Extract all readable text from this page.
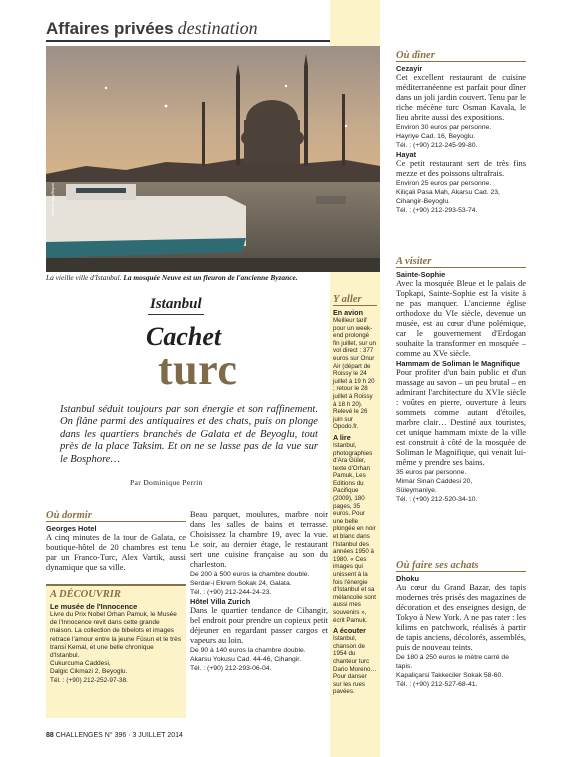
Affaires privées destination
Bastien Bey/Bopro
La vieille ville d'Istanbul. La mosquée Neuve est un fleuron de l'ancienne Byzance.
Istanbul
Cachet
turc
Istanbul séduit toujours par son énergie et son raffinement. On flâne parmi des antiquaires et des chats, puis on plonge dans les quartiers branchés de Galata et de Beyoglu, tout près de la place Taksim. Et on ne se lasse pas de la vue sur le Bosphore…
Par Dominique Perrin
Où dormir
Georges Hotel
A cinq minutes de la tour de Galata, ce boutique-hôtel de 20 chambres est tenu par un Franco-Turc, Alex Vartik, aussi dynamique que sa ville.
A DÉCOUVRIR
Le musée de l'Innocence
Livre du Prix Nobel Orhan Pamuk, le Musée de l'Innocence revit dans cette grande maison. La collection de bibelots et images retrace l'amour entre la jeune Füsun et le très transi Kemal, et une belle chronique d'Istanbul.
Cukurcuma Caddesi,
Dalgic Cikmazi 2, Beyoglu.
Tél. : (+90) 212-252-97-38.
Beau parquet, moulures, marbre noir dans les salles de bains et terrasse. Choisissez la chambre 19, avec la vue. Le soir, au dernier étage, le restaurant sert une cuisine française au son du charleston.
De 200 à 500 euros la chambre double.
Serdar-i Ekrem Sokak 24, Galata.
Tél. : (+90) 212-244-24-23.
Hôtel Villa Zurich
Dans le quartier tendance de Cihangir, bel endroit pour prendre un copieux petit déjeuner en regardant passer cargos et vapeurs au loin.
De 90 à 140 euros la chambre double.
Akarsu Yokusu Cad. 44-46, Cihangir.
Tél. : (+90) 212-293-06-04.
Y aller
En avion
Meilleur tarif pour un week-end prolongé fin juillet, sur un vol direct : 377 euros sur Onur Air (départ de Roissy le 24 juillet à 19 h 20 ; retour le 28 juillet à Roissy à 18 h 20). Relevé le 26 juin sur Opodo.fr.
A lire
Istanbul, photographies d'Ara Güler, texte d'Orhan Pamuk, Les Editions du Pacifique (2009), 180 pages, 35 euros. Pour une belle plongée en noir et blanc dans l'Istanbul des années 1950 à 1980. « Ces images qui unissent à la fois l'énergie d'Istanbul et sa mélancolie sont aussi mes souvenirs », écrit Pamuk.
A écouter
Istanbul, chanson de 1954 du chanteur turc Dario Moreno… Pour danser sur les rues pavées.
Où dîner
Cezayir
Cet excellent restaurant de cuisine méditerranéenne est parfait pour dîner dans un joli jardin couvert. Tenu par le riche mécène turc Osman Kavala, le lieu abrite aussi des expositions.
Environ 30 euros par personne.
Hayriye Cad. 16, Beyoglu.
Tél. : (+90) 212-245-99-80.
Hayat
Ce petit restaurant sert de très fins mezze et des poissons ultrafrais.
Environ 25 euros par personne.
Kiliçali Pasa Mah, Akarsu Cad. 23,
Cihangir-Beyoglu.
Tél. : (+90) 212-293-53-74.
A visiter
Sainte-Sophie
Avec la mosquée Bleue et le palais de Topkapi, Sainte-Sophie est la visite à ne pas manquer. L'ancienne église orthodoxe du VIe siècle, devenue un musée, est au cœur d'une polémique, car le gouvernement d'Erdogan souhaite la transformer en mosquée – comme au XVe siècle.
Hammam de Soliman le Magnifique
Pour profiter d'un bain public et d'un massage au savon – un peu brutal – en admirant l'architecture du XVIe siècle : voûtes en pierre, ouverture à leurs sommets comme autant d'étoiles, marbre clair… Destiné aux touristes, cet unique hammam mixte de la ville est construit à côté de la mosquée de Soliman le Magnifique, qui venait lui-même y prendre ses bains.
35 euros par personne.
Mimar Sinan Caddesi 20,
Süleymaniye.
Tél. : (+90) 212-520-34-10.
Où faire ses achats
Dhoku
Au cœur du Grand Bazar, des tapis modernes très prisés des magazines de décoration et des enseignes design, de Tokyo à New York. A ne pas rater : les kilims en patchwork, réalisés à partir de tapis anciens, décolorés, assemblés, puis de nouveau teints.
De 180 à 250 euros le mètre carré de tapis.
Kapaliçarsi Takkeciler Sokak 58-60.
Tél. : (+90) 212-527-68-41.
88 CHALLENGES N° 396 · 3 JUILLET 2014
